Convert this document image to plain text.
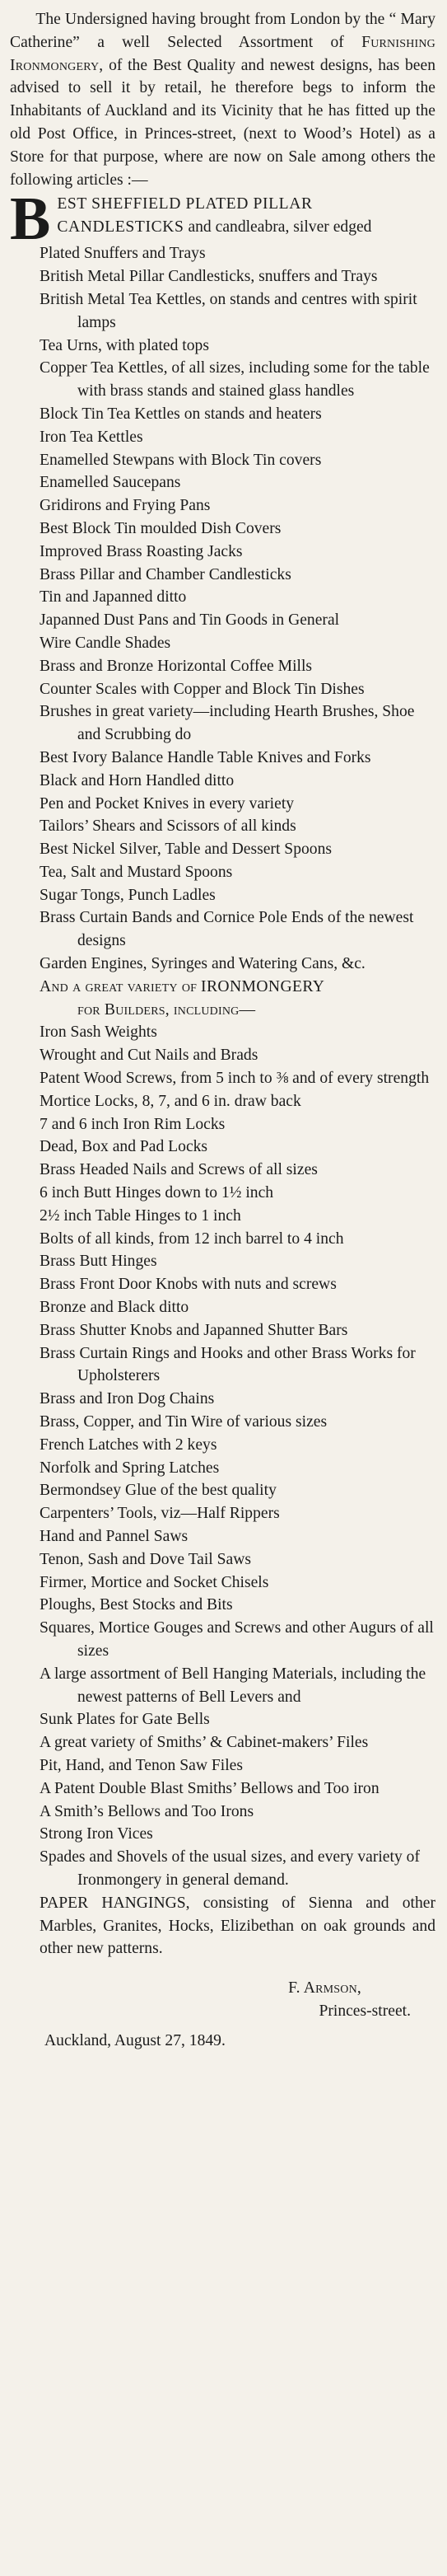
The Undersigned having brought from London by the “ Mary Catherine” a well Selected Assortment of Furnishing Ironmongery, of the Best Quality and newest designs, has been advised to sell it by retail, he therefore begs to inform the Inhabitants of Auckland and its Vicinity that he has fitted up the old Post Office, in Princes-street, (next to Wood’s Hotel) as a Store for that purpose, where are now on Sale among others the following articles :—

B EST SHEFFIELD PLATED PILLAR CANDLESTICKS and candleabra, silver edged
Plated Snuffers and Trays
British Metal Pillar Candlesticks, snuffers and Trays
British Metal Tea Kettles, on stands and centres with spirit lamps
Tea Urns, with plated tops
Copper Tea Kettles, of all sizes, including some for the table with brass stands and stained glass handles
Block Tin Tea Kettles on stands and heaters
Iron Tea Kettles
Enamelled Stewpans with Block Tin covers
Enamelled Saucepans
Gridirons and Frying Pans
Best Block Tin moulded Dish Covers
Improved Brass Roasting Jacks
Brass Pillar and Chamber Candlesticks
Tin and Japanned ditto
Japanned Dust Pans and Tin Goods in General
Wire Candle Shades
Brass and Bronze Horizontal Coffee Mills
Counter Scales with Copper and Block Tin Dishes
Brushes in great variety—including Hearth Brushes, Shoe and Scrubbing do
Best Ivory Balance Handle Table Knives and Forks
Black and Horn Handled ditto
Pen and Pocket Knives in every variety
Tailors’ Shears and Scissors of all kinds
Best Nickel Silver, Table and Dessert Spoons
Tea, Salt and Mustard Spoons
Sugar Tongs, Punch Ladles
Brass Curtain Bands and Cornice Pole Ends of the newest designs
Garden Engines, Syringes and Watering Cans, &c.
And a great variety of IRONMONGERY
for Builders, including—
Iron Sash Weights
Wrought and Cut Nails and Brads
Patent Wood Screws, from 5 inch to ⅜ and of every strength
Mortice Locks, 8, 7, and 6 in. draw back
7 and 6 inch Iron Rim Locks
Dead, Box and Pad Locks
Brass Headed Nails and Screws of all sizes
6 inch Butt Hinges down to 1½ inch
2½ inch Table Hinges to 1 inch
Bolts of all kinds, from 12 inch barrel to 4 inch
Brass Butt Hinges
Brass Front Door Knobs with nuts and screws
Bronze and Black ditto
Brass Shutter Knobs and Japanned Shutter Bars
Brass Curtain Rings and Hooks and other Brass Works for Upholsterers
Brass and Iron Dog Chains
Brass, Copper, and Tin Wire of various sizes
French Latches with 2 keys
Norfolk and Spring Latches
Bermondsey Glue of the best quality
Carpenters’ Tools, viz—Half Rippers
Hand and Pannel Saws
Tenon, Sash and Dove Tail Saws
Firmer, Mortice and Socket Chisels
Ploughs, Best Stocks and Bits
Squares, Mortice Gouges and Screws and other Augurs of all sizes
A large assortment of Bell Hanging Materials, including the newest patterns of Bell Levers and
Sunk Plates for Gate Bells
A great variety of Smiths’ & Cabinet-makers’ Files
Pit, Hand, and Tenon Saw Files
A Patent Double Blast Smiths’ Bellows and Too iron
A Smith’s Bellows and Too Irons
Strong Iron Vices
Spades and Shovels of the usual sizes, and every variety of Ironmongery in general demand.

PAPER HANGINGS, consisting of Sienna and other Marbles, Granites, Hocks, Elizibethan on oak grounds and other new patterns.

F. Armson,
Princes-street.
Auckland, August 27, 1849.
